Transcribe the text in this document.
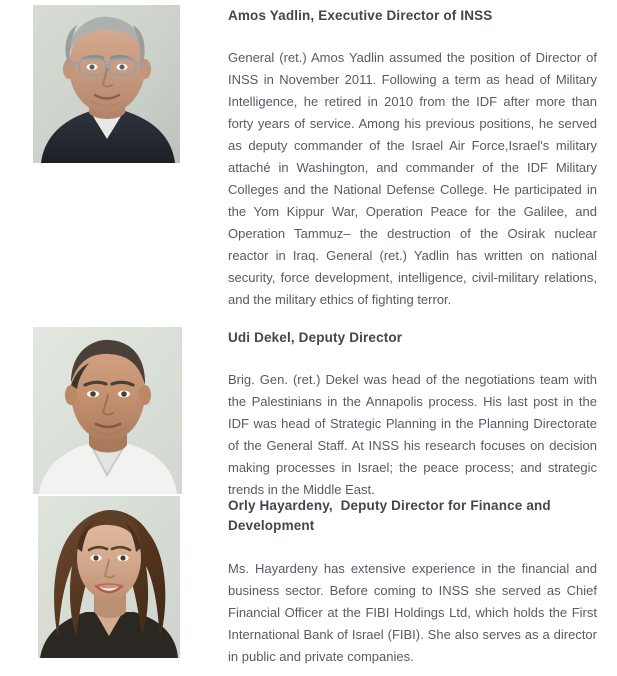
Amos Yadlin, Executive Director of INSS

General (ret.) Amos Yadlin assumed the position of Director of INSS in November 2011. Following a term as head of Military Intelligence, he retired in 2010 from the IDF after more than forty years of service. Among his previous positions, he served as deputy commander of the Israel Air Force,Israel's military attaché in Washington, and commander of the IDF Military Colleges and the National Defense College. He participated in the Yom Kippur War, Operation Peace for the Galilee, and Operation Tammuz– the destruction of the Osirak nuclear reactor in Iraq. General (ret.) Yadlin has written on national security, force development, intelligence, civil-military relations, and the military ethics of fighting terror.

Udi Dekel, Deputy Director

Brig. Gen. (ret.) Dekel was head of the negotiations team with the Palestinians in the Annapolis process. His last post in the IDF was head of Strategic Planning in the Planning Directorate of the General Staff. At INSS his research focuses on decision making processes in Israel; the peace process; and strategic trends in the Middle East.

Orly Hayardeny,  Deputy Director for Finance and Development

Ms. Hayardeny has extensive experience in the financial and business sector. Before coming to INSS she served as Chief Financial Officer at the FIBI Holdings Ltd, which holds the First International Bank of Israel (FIBI). She also serves as a director in public and private companies.
